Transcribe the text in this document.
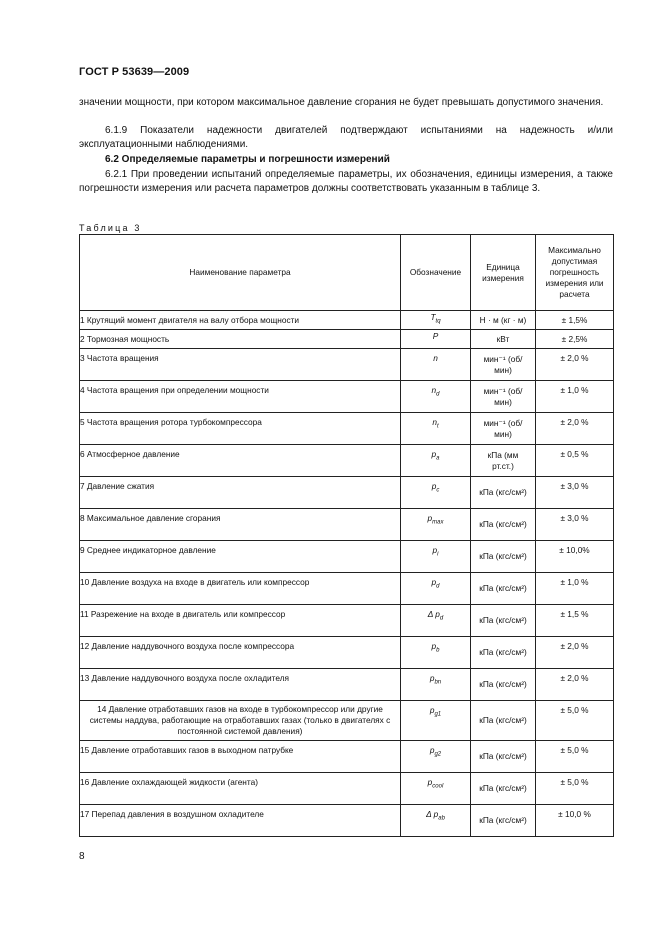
ГОСТ Р 53639—2009
значении мощности, при котором максимальное давление сгорания не будет превышать допустимого значения.
6.1.9 Показатели надежности двигателей подтверждают испытаниями на надежность и/или эксплуатационными наблюдениями.
6.2 Определяемые параметры и погрешности измерений
6.2.1 При проведении испытаний определяемые параметры, их обозначения, единицы измерения, а также погрешности измерения или расчета параметров должны соответствовать указанным в таблице 3.
Таблица 3
Наименование параметра	Обозначение	Единица измерения	Максимально допустимая погрешность измерения или расчета
1 Крутящий момент двигателя на валу отбора мощности	$T_{tq}$	Н · м (кг · м)	± 1,5%
2 Тормозная мощность	P	кВт	± 2,5%
3 Частота вращения	n	мин⁻¹ (об/мин)	± 2,0 %
4 Частота вращения при определении мощности	$n_d$	мин⁻¹ (об/мин)	± 1,0 %
5 Частота вращения ротора турбокомпрессора	$n_t$	мин⁻¹ (об/мин)	± 2,0 %
6 Атмосферное давление	$p_a$	кПа (мм рт.ст.)	± 0,5 %
7 Давление сжатия	$p_c$	кПа (кгс/см²)	± 3,0 %
8 Максимальное давление сгорания	$p_{max}$	кПа (кгс/см²)	± 3,0 %
9 Среднее индикаторное давление	$p_i$	кПа (кгс/см²)	± 10,0%
10 Давление воздуха на входе в двигатель или компрессор	$p_d$	кПа (кгс/см²)	± 1,0 %
11 Разрежение на входе в двигатель или компрессор	Δ $p_d$	кПа (кгс/см²)	± 1,5 %
12 Давление наддувочного воздуха после компрессора	$p_b$	кПа (кгс/см²)	± 2,0 %
13 Давление наддувочного воздуха после охладителя	$p_{bn}$	кПа (кгс/см²)	± 2,0 %
14 Давление отработавших газов на входе в турбокомпрессор или другие системы наддува, работающие на отработавших газах (только в двигателях с постоянной системой давления)	$p_{g1}$	кПа (кгс/см²)	± 5,0 %
15 Давление отработавших газов в выходном патрубке	$p_{g2}$	кПа (кгс/см²)	± 5,0 %
16 Давление охлаждающей жидкости (агента)	$p_{cool}$	кПа (кгс/см²)	± 5,0 %
17 Перепад давления в воздушном охладителе	Δ $p_{ab}$	кПа (кгс/см²)	± 10,0 %
8
